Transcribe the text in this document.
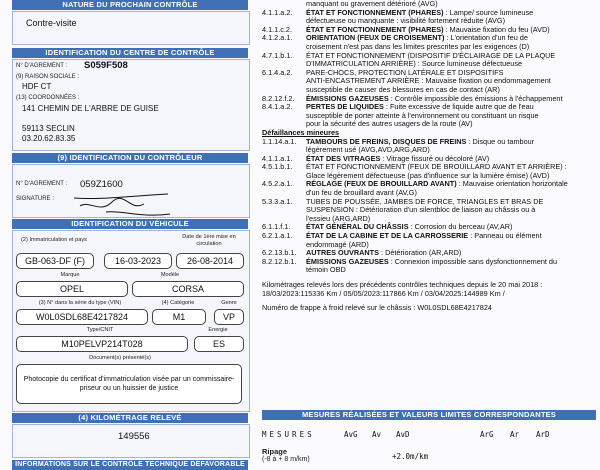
NATURE DU PROCHAIN CONTRÔLE
Contre-visite
IDENTIFICATION DU CENTRE DE CONTRÔLE
N° D'AGREMENT : S059F508
(9) RAISON SOCIALE :
HDF CT
(13) COORDONNÉES :
141 CHEMIN DE L'ARBRE DE GUISE
59113 SECLIN
03.20.62.83.35
(9) IDENTIFICATION DU CONTRÔLEUR
N° D'AGREMENT : 059Z1600
SIGNATURE :
IDENTIFICATION DU VÉHICULE
(2) Immatriculation et pays	Date de 1ère mise en circulation
GB-063-DF (F)	16-03-2023	26-08-2014
Marque	Modèle
OPEL	CORSA
(3) N° dans la série du type (VIN)	(4) Catégorie	Genre
W0L0SDL68E4217824	M1	VP
Type/CNIT	Energie
M10PELVP214T028	ES
Document(s) présenté(s)
Photocopie du certificat d'immatriculation visée par un commissaire-priseur ou un huissier de justice
(4) KILOMÉTRAGE RELEVÉ
149556
INFORMATIONS SUR LE CONTRÔLE TECHNIQUE DÉFAVORABLE
manquant ou gravement détérioré (AVG)
4.1.1.a.2. ÉTAT ET FONCTIONNEMENT (PHARES) : Lampe/ source lumineuse
défectueuse ou manquante : visibilité fortement réduite (AVG)
4.1.1.c.2. ÉTAT ET FONCTIONNEMENT (PHARES) : Mauvaise fixation du feu (AVD)
4.1.2.a.1. ORIENTATION (FEUX DE CROISEMENT) : L'orientation d'un feu de
croisement n'est pas dans les limites prescrites par les exigences (D)
4.7.1.b.1. ÉTAT ET FONCTIONNEMENT (DISPOSITIF D'ÉCLAIRAGE DE LA PLAQUE
D'IMMATRICULATION ARRIÈRE) : Source lumineuse défectueuse
6.1.4.a.2. PARE-CHOCS, PROTECTION LATÉRALE ET DISPOSITIFS
ANTI-ENCASTREMENT ARRIÈRE : Mauvaise fixation ou endommagement
susceptible de causer des blessures en cas de contact (AR)
8.2.12.f.2. ÉMISSIONS GAZEUSES : Contrôle impossible des émissions à l'échappement
8.4.1.a.2. PERTES DE LIQUIDES : Fuite excessive de liquide autre que de l'eau
susceptible de porter atteinte à l'environnement ou constituant un risque
pour la sécurité des autres usagers de la route (AV)
Défaillances mineures
1.1.14.a.1. TAMBOURS DE FREINS, DISQUES DE FREINS : Disque ou tambour
légèrement usé (AVG,AVD,ARG,ARD)
4.1.1.a.1. ÉTAT DES VITRAGES : Vitrage fissuré ou décoloré (AV)
4.5.1.b.1. ÉTAT ET FONCTIONNEMENT (FEUX DE BROUILLARD AVANT ET ARRIÈRE) :
Glace légèrement défectueuse (pas d'influence sur la lumière émise) (AVD)
4.5.2.a.1. RÉGLAGE (FEUX DE BROUILLARD AVANT) : Mauvaise orientation horizontale
d'un feu de brouillard avant (AV,G)
5.3.3.a.1. TUBES DE POUSSÉE, JAMBES DE FORCE, TRIANGLES ET BRAS DE
SUSPENSION : Détérioration d'un silentbloc de liaison au châssis ou à
l'essieu (ARG,ARD)
6.1.1.f.1. ÉTAT GÉNÉRAL DU CHÂSSIS : Corrosion du berceau (AV,AR)
6.2.1.a.1. ÉTAT DE LA CABINE ET DE LA CARROSSERIE : Panneau ou élément
endommagé (ARD)
6.2.13.b.1. AUTRES OUVRANTS : Détérioration (AR,ARD)
8.2.12.b.1. ÉMISSIONS GAZEUSES : Connexion impossible sans dysfonctionnement du
témoin OBD
Kilométrages relevés lors des précédents contrôles techniques depuis le 20 mai 2018 :
18/03/2023:115336 Km / 05/05/2023:117866 Km / 03/04/2025:144989 Km /
Numéro de frappe à froid relevé sur le châssis : W0L0SDL68E4217824
MESURES RÉALISÉES ET VALEURS LIMITES CORRESPONDANTES
MESURES	AvG Av AvD	ArG Ar ArD
Ripage
(-8 à + 8 m/km)	+2.0m/km
